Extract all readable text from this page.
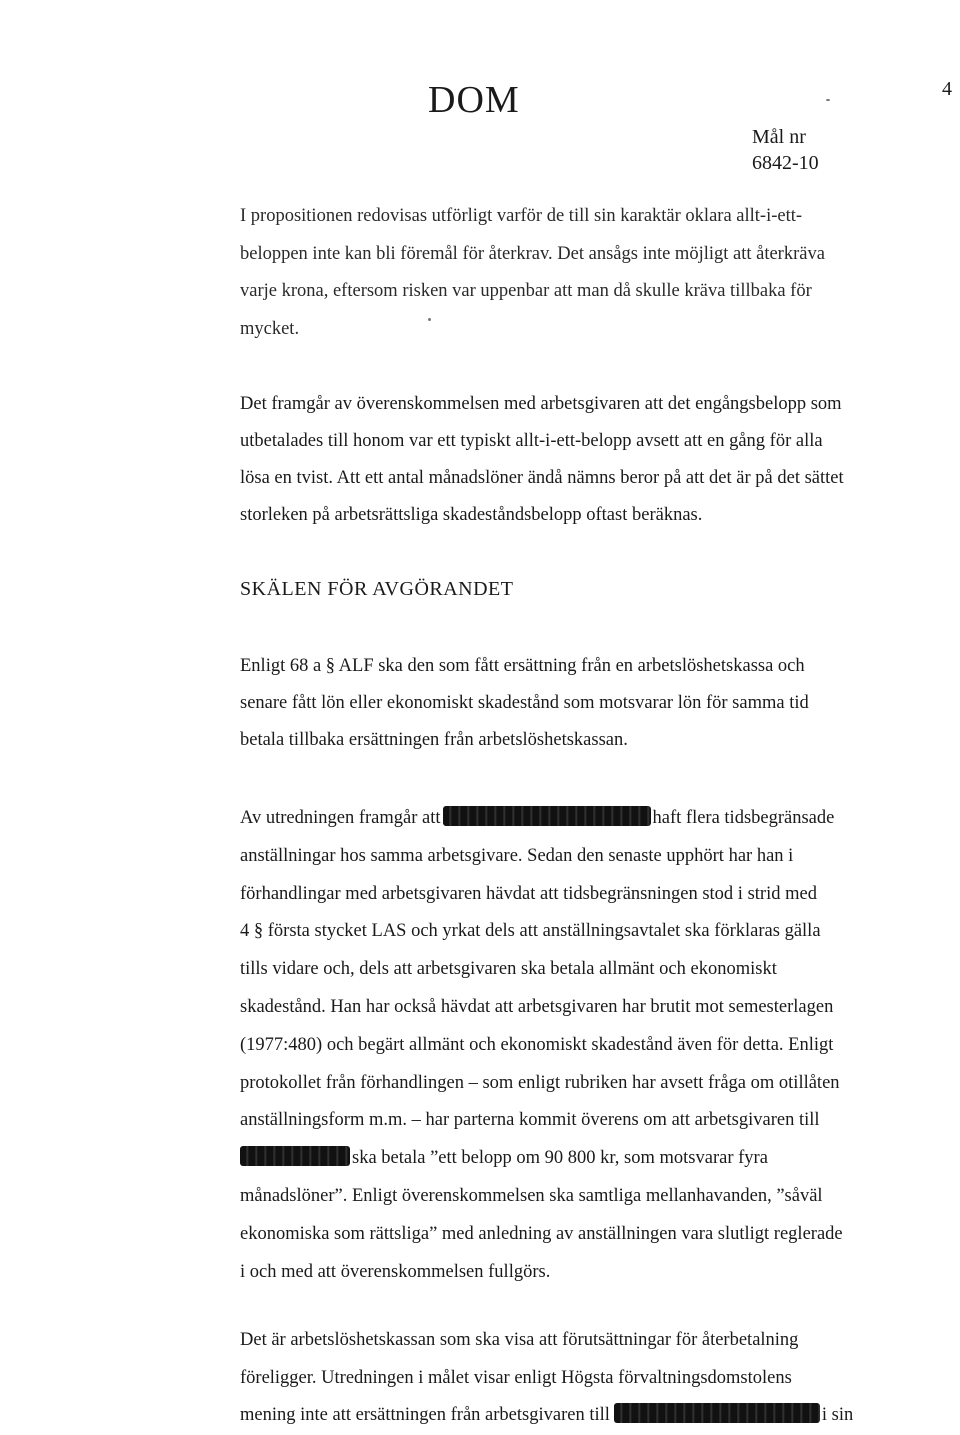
DOM	4
Mål nr
6842-10

I propositionen redovisas utförligt varför de till sin karaktär oklara allt-i-ett-
beloppen inte kan bli föremål för återkrav. Det ansågs inte möjligt att återkräva
varje krona, eftersom risken var uppenbar att man då skulle kräva tillbaka för
mycket.

Det framgår av överenskommelsen med arbetsgivaren att det engångsbelopp som
utbetalades till honom var ett typiskt allt-i-ett-belopp avsett att en gång för alla
lösa en tvist. Att ett antal månadslöner ändå nämns beror på att det är på det sättet
storleken på arbetsrättsliga skadeståndsbelopp oftast beräknas.

SKÄLEN FÖR AVGÖRANDET

Enligt 68 a § ALF ska den som fått ersättning från en arbetslöshetskassa och
senare fått lön eller ekonomiskt skadestånd som motsvarar lön för samma tid
betala tillbaka ersättningen från arbetslöshetskassan.

Av utredningen framgår att	haft flera tidsbegränsade
anställningar hos samma arbetsgivare. Sedan den senaste upphört har han i
förhandlingar med arbetsgivaren hävdat att tidsbegränsningen stod i strid med
4 § första stycket LAS och yrkat dels att anställningsavtalet ska förklaras gälla
tills vidare och, dels att arbetsgivaren ska betala allmänt och ekonomiskt
skadestånd. Han har också hävdat att arbetsgivaren har brutit mot semesterlagen
(1977:480) och begärt allmänt och ekonomiskt skadestånd även för detta. Enligt
protokollet från förhandlingen – som enligt rubriken har avsett fråga om otillåten
anställningsform m.m. – har parterna kommit överens om att arbetsgivaren till
ska betala ”ett belopp om 90 800 kr, som motsvarar fyra
månadslöner”. Enligt överenskommelsen ska samtliga mellanhavanden, ”såväl
ekonomiska som rättsliga” med anledning av anställningen vara slutligt reglerade
i och med att överenskommelsen fullgörs.

Det är arbetslöshetskassan som ska visa att förutsättningar för återbetalning
föreligger. Utredningen i målet visar enligt Högsta förvaltningsdomstolens
mening inte att ersättningen från arbetsgivaren till	i sin
